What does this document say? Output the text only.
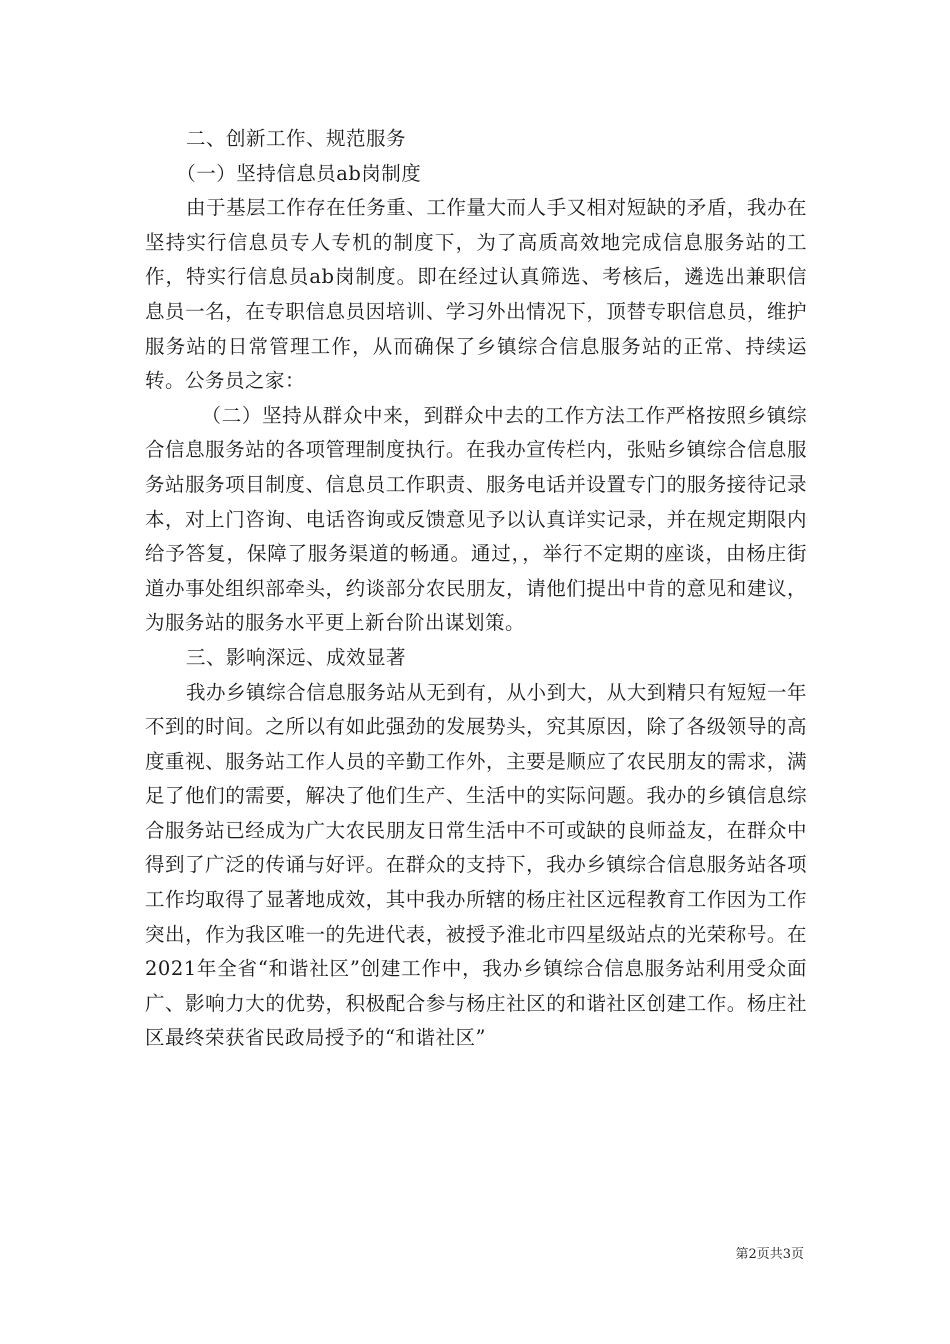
二、创新工作、规范服务

（一）坚持信息员ab岗制度

由于基层工作存在任务重、工作量大而人手又相对短缺的矛盾，我办在坚持实行信息员专人专机的制度下，为了高质高效地完成信息服务站的工作，特实行信息员ab岗制度。即在经过认真筛选、考核后，遴选出兼职信息员一名，在专职信息员因培训、学习外出情况下，顶替专职信息员，维护服务站的日常管理工作，从而确保了乡镇综合信息服务站的正常、持续运转。公务员之家：

（二）坚持从群众中来，到群众中去的工作方法工作严格按照乡镇综合信息服务站的各项管理制度执行。在我办宣传栏内，张贴乡镇综合信息服务站服务项目制度、信息员工作职责、服务电话并设置专门的服务接待记录本，对上门咨询、电话咨询或反馈意见予以认真详实记录，并在规定期限内给予答复，保障了服务渠道的畅通。通过，，举行不定期的座谈，由杨庄街道办事处组织部牵头，约谈部分农民朋友，请他们提出中肯的意见和建议，为服务站的服务水平更上新台阶出谋划策。

三、影响深远、成效显著

我办乡镇综合信息服务站从无到有，从小到大，从大到精只有短短一年不到的时间。之所以有如此强劲的发展势头，究其原因，除了各级领导的高度重视、服务站工作人员的辛勤工作外，主要是顺应了农民朋友的需求，满足了他们的需要，解决了他们生产、生活中的实际问题。我办的乡镇信息综合服务站已经成为广大农民朋友日常生活中不可或缺的良师益友，在群众中得到了广泛的传诵与好评。在群众的支持下，我办乡镇综合信息服务站各项工作均取得了显著地成效，其中我办所辖的杨庄社区远程教育工作因为工作突出，作为我区唯一的先进代表，被授予淮北市四星级站点的光荣称号。在2021年全省“和谐社区”创建工作中，我办乡镇综合信息服务站利用受众面广、影响力大的优势，积极配合参与杨庄社区的和谐社区创建工作。杨庄社区最终荣获省民政局授予的“和谐社区”

第2页共3页
